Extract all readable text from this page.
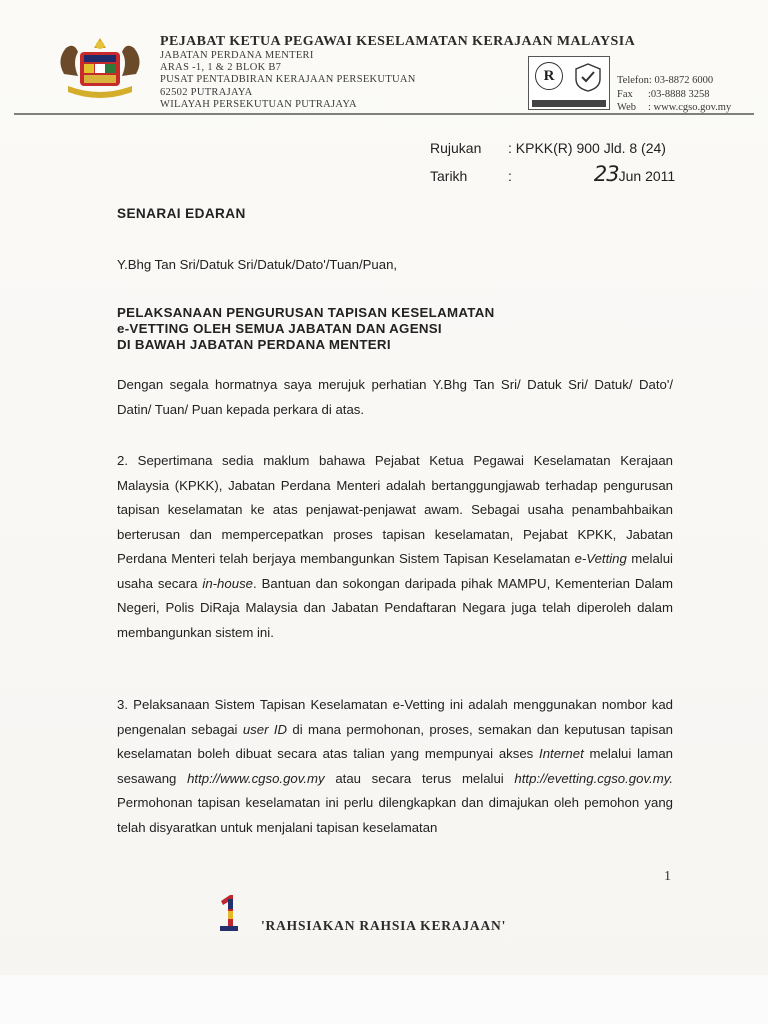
PEJABAT KETUA PEGAWAI KESELAMATAN KERAJAAN MALAYSIA
JABATAN PERDANA MENTERI
ARAS -1, 1 & 2 BLOK B7
PUSAT PENTADBIRAN KERAJAAN PERSEKUTUAN
62502 PUTRAJAYA
WILAYAH PERSEKUTUAN PUTRAJAYA
R	Telefon: 03-8872 6000
Fax :03-8888 3258
Web : www.cgso.gov.my
Rujukan : KPKK(R) 900 Jld. 8 (24)
Tarikh	:	23Jun 2011
SENARAI EDARAN
Y.Bhg Tan Sri/Datuk Sri/Datuk/Dato'/Tuan/Puan,
PELAKSANAAN PENGURUSAN TAPISAN KESELAMATAN
e-VETTING OLEH SEMUA JABATAN DAN AGENSI
DI BAWAH JABATAN PERDANA MENTERI
Dengan segala hormatnya saya merujuk perhatian Y.Bhg Tan Sri/ Datuk Sri/ Datuk/ Dato'/ Datin/ Tuan/ Puan kepada perkara di atas.
2. Sepertimana sedia maklum bahawa Pejabat Ketua Pegawai Keselamatan Kerajaan Malaysia (KPKK), Jabatan Perdana Menteri adalah bertanggungjawab terhadap pengurusan tapisan keselamatan ke atas penjawat-penjawat awam. Sebagai usaha penambahbaikan berterusan dan mempercepatkan proses tapisan keselamatan, Pejabat KPKK, Jabatan Perdana Menteri telah berjaya membangunkan Sistem Tapisan Keselamatan e-Vetting melalui usaha secara in-house. Bantuan dan sokongan daripada pihak MAMPU, Kementerian Dalam Negeri, Polis DiRaja Malaysia dan Jabatan Pendaftaran Negara juga telah diperoleh dalam membangunkan sistem ini.
3. Pelaksanaan Sistem Tapisan Keselamatan e-Vetting ini adalah menggunakan nombor kad pengenalan sebagai user ID di mana permohonan, proses, semakan dan keputusan tapisan keselamatan boleh dibuat secara atas talian yang mempunyai akses Internet melalui laman sesawang http://www.cgso.gov.my atau secara terus melalui http://evetting.cgso.gov.my. Permohonan tapisan keselamatan ini perlu dilengkapkan dan dimajukan oleh pemohon yang telah disyaratkan untuk menjalani tapisan keselamatan
1
'RAHSIAKAN RAHSIA KERAJAAN'
